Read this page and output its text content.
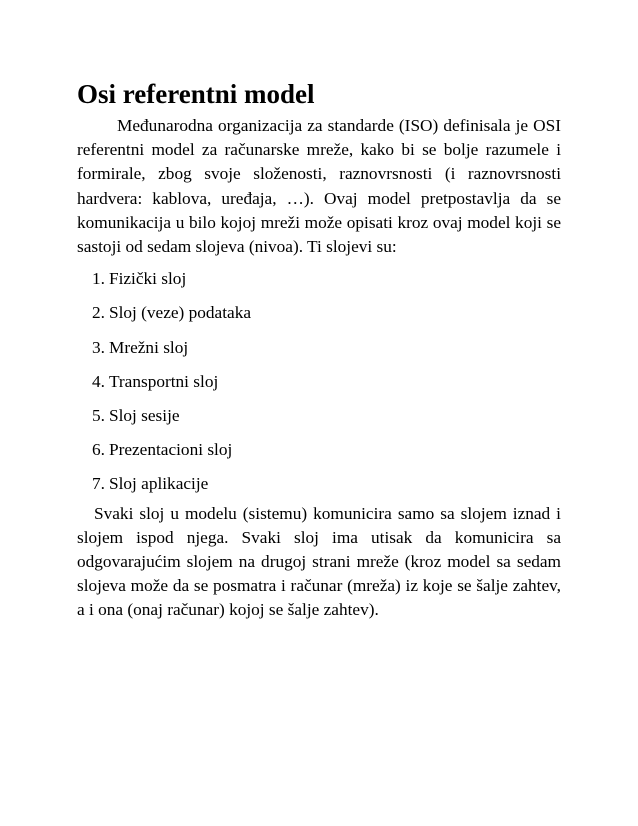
Osi referentni model

Međunarodna organizacija za standarde (ISO) definisala je OSI referentni model za računarske mreže, kako bi se bolje razumele i formirale, zbog svoje složenosti, raznovrsnosti (i raznovrsnosti hardvera: kablova, uređaja, …). Ovaj model pretpostavlja da se komunikacija u bilo kojoj mreži može opisati kroz ovaj model koji se sastoji od sedam slojeva (nivoa). Ti slojevi su:

1. Fizički sloj
2. Sloj (veze) podataka
3. Mrežni sloj
4. Transportni sloj
5. Sloj sesije
6. Prezentacioni sloj
7. Sloj aplikacije

Svaki sloj u modelu (sistemu) komunicira samo sa slojem iznad i slojem ispod njega. Svaki sloj ima utisak da komunicira sa odgovarajućim slojem na drugoj strani mreže (kroz model sa sedam slojeva može da se posmatra i računar (mreža) iz koje se šalje zahtev, a i ona (onaj računar) kojoj se šalje zahtev).
